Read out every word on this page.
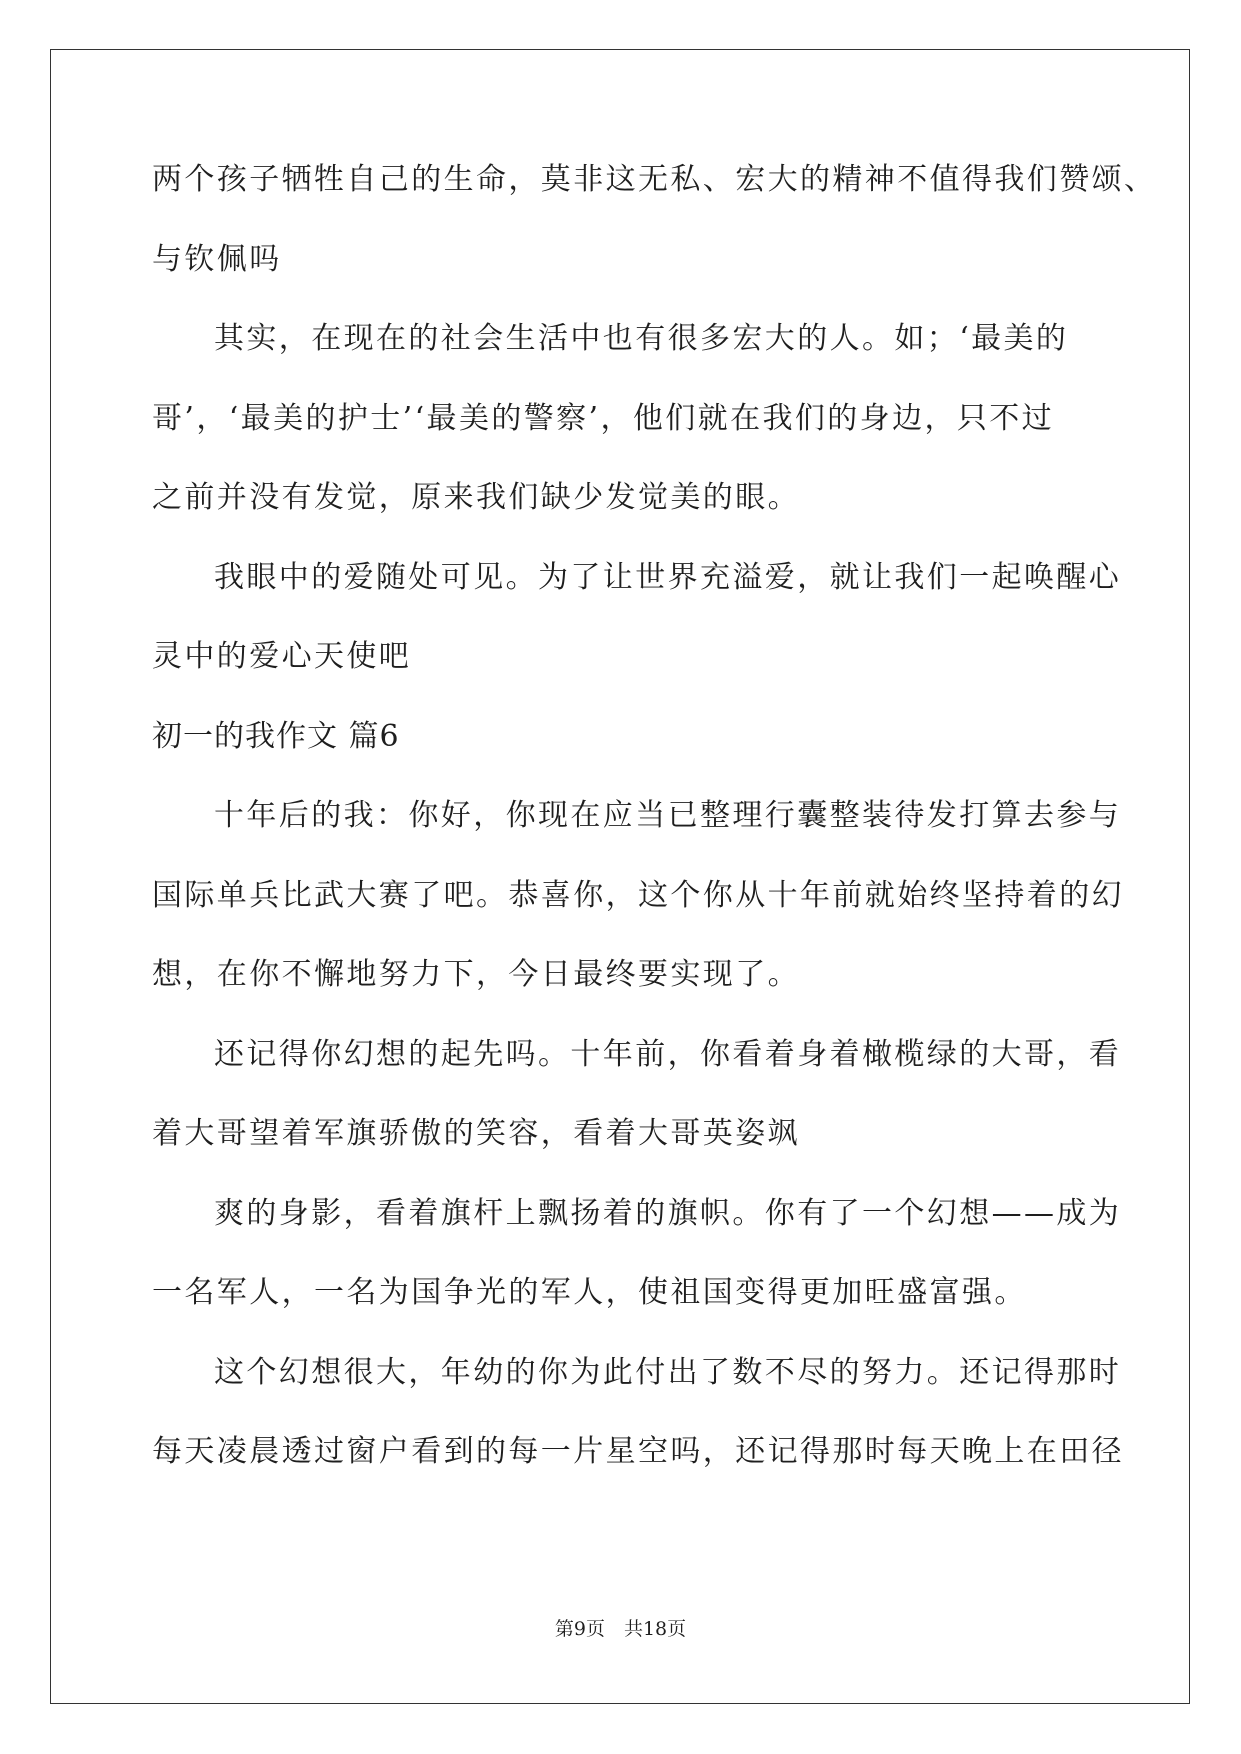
两个孩子牺牲自己的生命，莫非这无私、宏大的精神不值得我们赞颂、
与钦佩吗
其实，在现在的社会生活中也有很多宏大的人。如；‘最美的
哥’，‘最美的护士’‘最美的警察’，他们就在我们的身边，只不过
之前并没有发觉，原来我们缺少发觉美的眼。
我眼中的爱随处可见。为了让世界充溢爱，就让我们一起唤醒心
灵中的爱心天使吧
初一的我作文 篇6
十年后的我：你好，你现在应当已整理行囊整装待发打算去参与
国际单兵比武大赛了吧。恭喜你，这个你从十年前就始终坚持着的幻
想，在你不懈地努力下，今日最终要实现了。
还记得你幻想的起先吗。十年前，你看着身着橄榄绿的大哥，看
着大哥望着军旗骄傲的笑容，看着大哥英姿飒
爽的身影，看着旗杆上飘扬着的旗帜。你有了一个幻想——成为
一名军人，一名为国争光的军人，使祖国变得更加旺盛富强。
这个幻想很大，年幼的你为此付出了数不尽的努力。还记得那时
每天凌晨透过窗户看到的每一片星空吗，还记得那时每天晚上在田径
第9页　共18页
